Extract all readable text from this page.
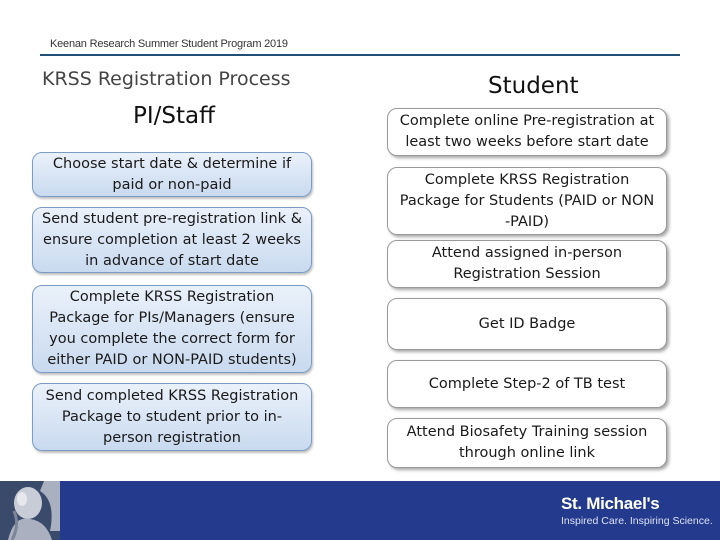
Keenan Research Summer Student Program 2019
KRSS Registration Process
PI/Staff
Student
Choose start date & determine if paid or non-paid
Send student pre-registration link & ensure completion at least 2 weeks in advance of start date
Complete KRSS Registration Package for PIs/Managers (ensure you complete the correct form for either PAID or NON-PAID students)
Send completed KRSS Registration Package to student prior to in-person registration
Complete online Pre-registration at least two weeks before start date
Complete KRSS Registration Package for Students (PAID or NON -PAID)
Attend assigned in-person Registration Session
Get ID Badge
Complete Step-2 of TB test
Attend Biosafety Training session through online link
St. Michael's
Inspired Care. Inspiring Science.
